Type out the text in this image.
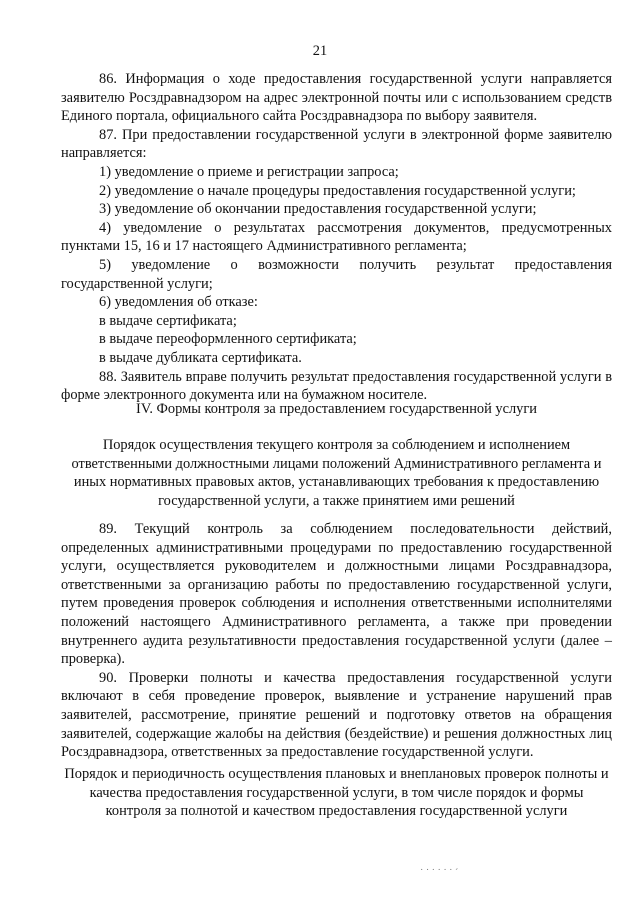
21

86. Информация о ходе предоставления государственной услуги направляется заявителю Росздравнадзором на адрес электронной почты или с использованием средств Единого портала, официального сайта Росздравнадзора по выбору заявителя.

87. При предоставлении государственной услуги в электронной форме заявителю направляется:

1) уведомление о приеме и регистрации запроса;

2) уведомление о начале процедуры предоставления государственной услуги;

3) уведомление об окончании предоставления государственной услуги;

4) уведомление о результатах рассмотрения документов, предусмотренных пунктами 15, 16 и 17 настоящего Административного регламента;

5) уведомление о возможности получить результат предоставления государственной услуги;

6) уведомления об отказе:

в выдаче сертификата;

в выдаче переоформленного сертификата;

в выдаче дубликата сертификата.

88. Заявитель вправе получить результат предоставления государственной услуги в форме электронного документа или на бумажном носителе.

IV. Формы контроля за предоставлением государственной услуги

Порядок осуществления текущего контроля за соблюдением и исполнением ответственными должностными лицами положений Административного регламента и иных нормативных правовых актов, устанавливающих требования к предоставлению государственной услуги, а также принятием ими решений

89. Текущий контроль за соблюдением последовательности действий, определенных административными процедурами по предоставлению государственной услуги, осуществляется руководителем и должностными лицами Росздравнадзора, ответственными за организацию работы по предоставлению государственной услуги, путем проведения проверок соблюдения и исполнения ответственными исполнителями положений настоящего Административного регламента, а также при проведении внутреннего аудита результативности предоставления государственной услуги (далее – проверка).

90. Проверки полноты и качества предоставления государственной услуги включают в себя проведение проверок, выявление и устранение нарушений прав заявителей, рассмотрение, принятие решений и подготовку ответов на обращения заявителей, содержащие жалобы на действия (бездействие) и решения должностных лиц Росздравнадзора, ответственных за предоставление государственной услуги.

Порядок и периодичность осуществления плановых и внеплановых проверок полноты и качества предоставления государственной услуги, в том числе порядок и формы контроля за полнотой и качеством предоставления государственной услуги

˙ ˙ ˙ ˙ ˙ ˙ ´
